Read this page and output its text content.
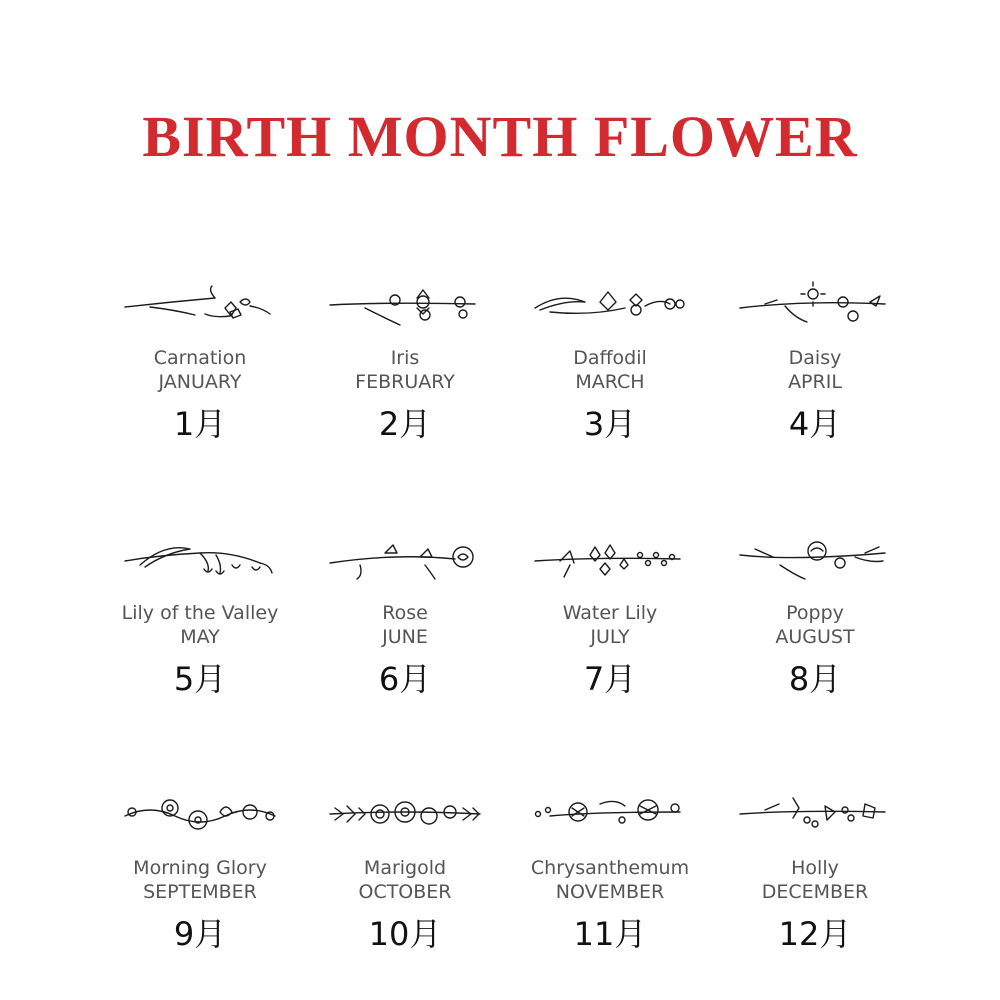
BIRTH MONTH FLOWER
Carnation
JANUARY
1月
Iris
FEBRUARY
2月
Daffodil
MARCH
3月
Daisy
APRIL
4月
Lily of the Valley
MAY
5月
Rose
JUNE
6月
Water Lily
JULY
7月
Poppy
AUGUST
8月
Morning Glory
SEPTEMBER
9月
Marigold
OCTOBER
10月
Chrysanthemum
NOVEMBER
11月
Holly
DECEMBER
12月
